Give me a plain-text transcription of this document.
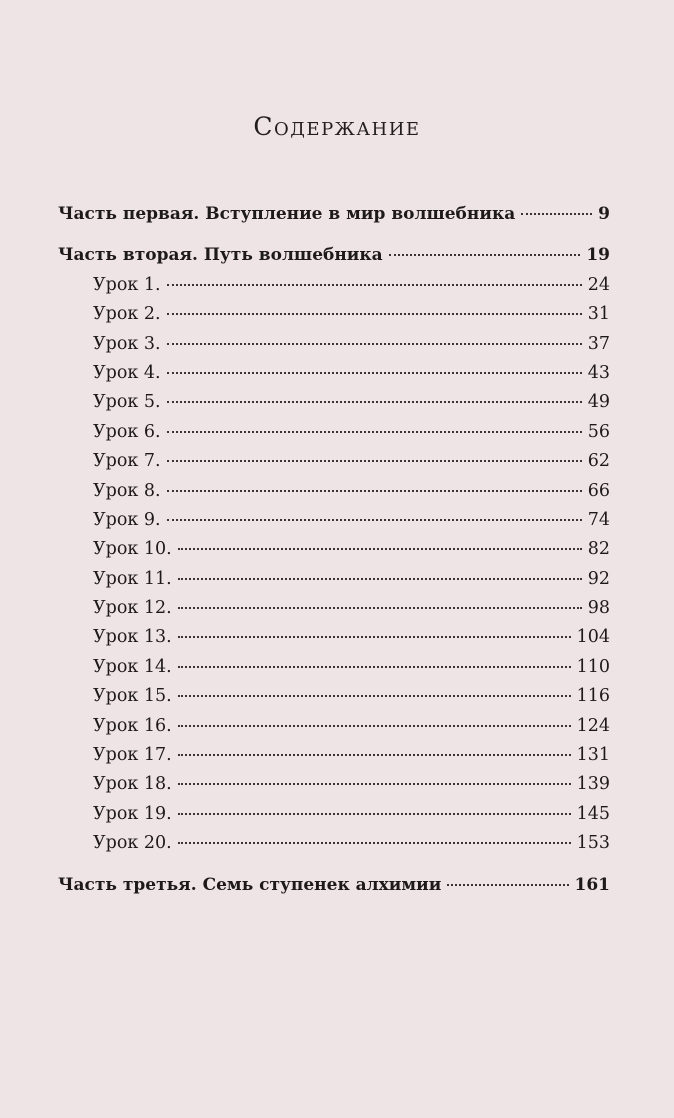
Содержание
Часть первая. Вступление в мир волшебника	9
Часть вторая. Путь волшебника	19
Урок 1.	24
Урок 2.	31
Урок 3.	37
Урок 4.	43
Урок 5.	49
Урок 6.	56
Урок 7.	62
Урок 8.	66
Урок 9.	74
Урок 10.	82
Урок 11.	92
Урок 12.	98
Урок 13.	104
Урок 14.	110
Урок 15.	116
Урок 16.	124
Урок 17.	131
Урок 18.	139
Урок 19.	145
Урок 20.	153
Часть третья. Семь ступенек алхимии	161
